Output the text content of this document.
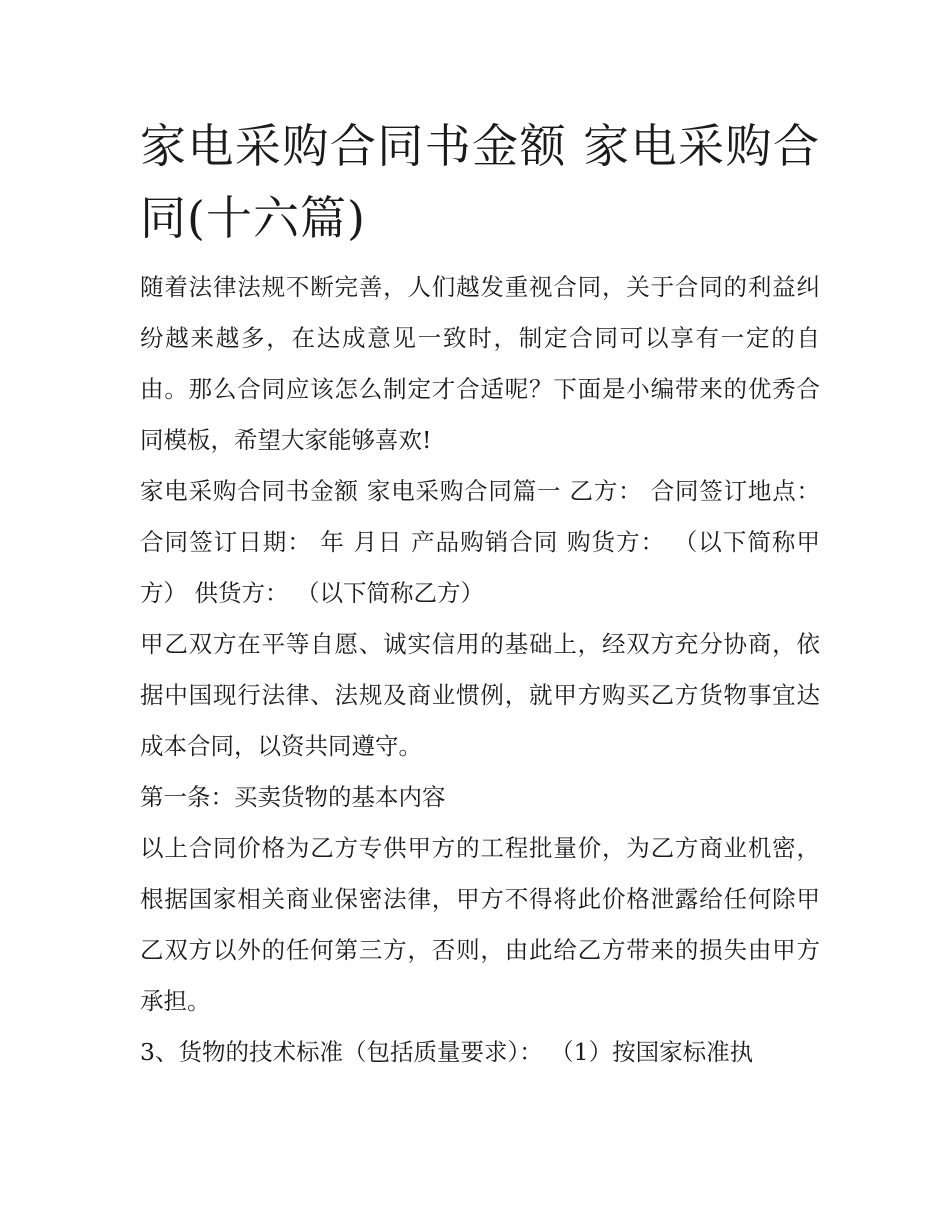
家电采购合同书金额 家电采购合同(十六篇)

随着法律法规不断完善，人们越发重视合同，关于合同的利益纠纷越来越多，在达成意见一致时，制定合同可以享有一定的自由。那么合同应该怎么制定才合适呢？下面是小编带来的优秀合同模板，希望大家能够喜欢!

家电采购合同书金额 家电采购合同篇一 乙方： 合同签订地点： 合同签订日期： 年 月日 产品购销合同 购货方： （以下简称甲方） 供货方： （以下简称乙方）

甲乙双方在平等自愿、诚实信用的基础上，经双方充分协商，依据中国现行法律、法规及商业惯例，就甲方购买乙方货物事宜达成本合同，以资共同遵守。

第一条：买卖货物的基本内容

以上合同价格为乙方专供甲方的工程批量价，为乙方商业机密，根据国家相关商业保密法律，甲方不得将此价格泄露给任何除甲乙双方以外的任何第三方，否则，由此给乙方带来的损失由甲方承担。

3、货物的技术标准（包括质量要求）： （1）按国家标准执
